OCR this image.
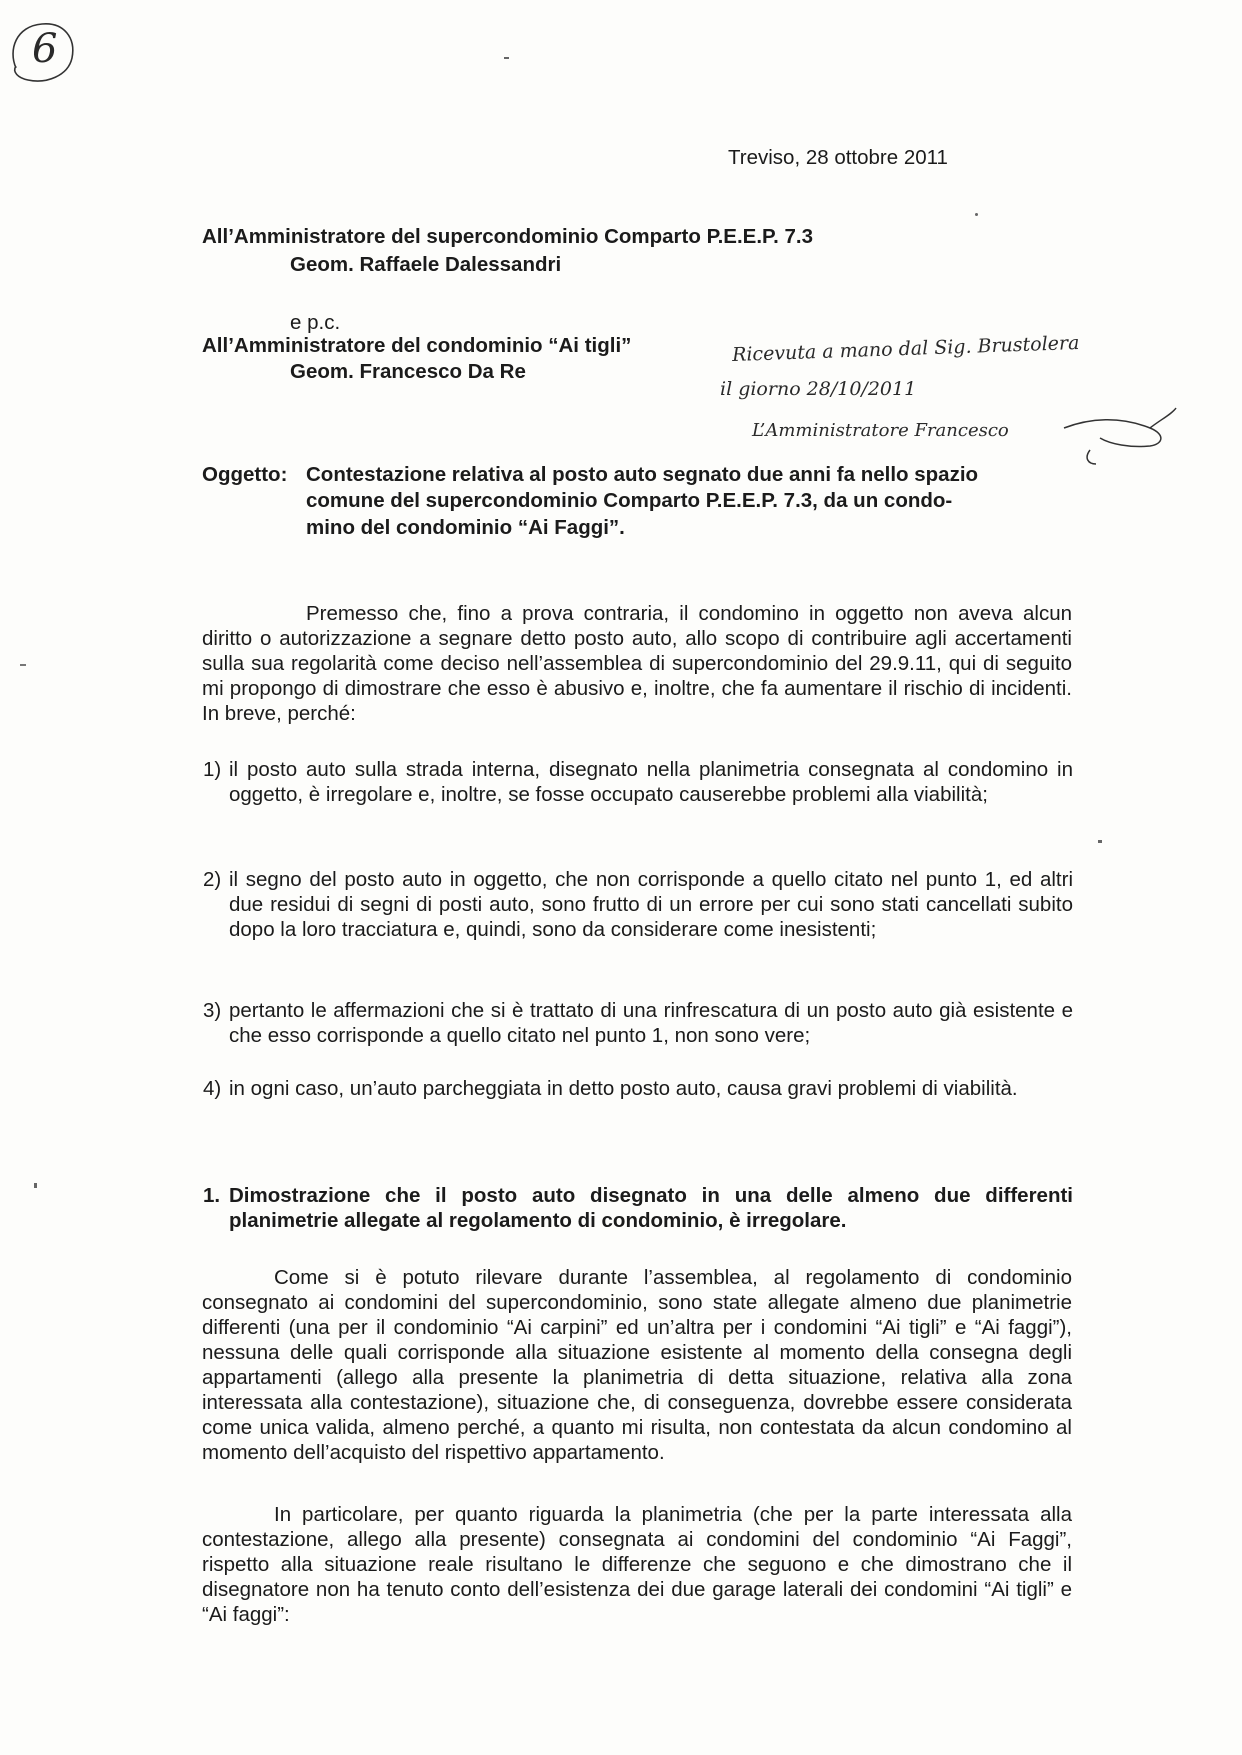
6
Treviso, 28 ottobre 2011
All’Amministratore del supercondominio Comparto P.E.E.P. 7.3
Geom. Raffaele Dalessandri
e p.c.
All’Amministratore del condominio “Ai tigli”
Geom. Francesco Da Re
Ricevuta a mano dal Sig. Brustolera
il giorno 28/10/2011
L’Amministratore Francesco
Oggetto: Contestazione relativa al posto auto segnato due anni fa nello spazio
comune del supercondominio Comparto P.E.E.P. 7.3, da un condo-
mino del condominio “Ai Faggi”.
Premesso che, fino a prova contraria, il condomino in oggetto non aveva alcun diritto o autorizzazione a segnare detto posto auto, allo scopo di contribuire agli accertamenti sulla sua regolarità come deciso nell’assemblea di supercondominio del 29.9.11, qui di seguito mi propongo di dimostrare che esso è abusivo e, inoltre, che fa aumentare il rischio di incidenti. In breve, perché:
1) il posto auto sulla strada interna, disegnato nella planimetria consegnata al condomino in oggetto, è irregolare e, inoltre, se fosse occupato causerebbe problemi alla viabilità;
2) il segno del posto auto in oggetto, che non corrisponde a quello citato nel punto 1, ed altri due residui di segni di posti auto, sono frutto di un errore per cui sono stati cancellati subito dopo la loro tracciatura e, quindi, sono da considerare come inesistenti;
3) pertanto le affermazioni che si è trattato di una rinfrescatura di un posto auto già esistente e che esso corrisponde a quello citato nel punto 1, non sono vere;
4) in ogni caso, un’auto parcheggiata in detto posto auto, causa gravi problemi di viabilità.
1. Dimostrazione che il posto auto disegnato in una delle almeno due differenti planimetrie allegate al regolamento di condominio, è irregolare.
Come si è potuto rilevare durante l’assemblea, al regolamento di condominio consegnato ai condomini del supercondominio, sono state allegate almeno due planimetrie differenti (una per il condominio “Ai carpini” ed un’altra per i condomini “Ai tigli” e “Ai faggi”), nessuna delle quali corrisponde alla situazione esistente al momento della consegna degli appartamenti (allego alla presente la planimetria di detta situazione, relativa alla zona interessata alla contestazione), situazione che, di conseguenza, dovrebbe essere considerata come unica valida, almeno perché, a quanto mi risulta, non contestata da alcun condomino al momento dell’acquisto del rispettivo appartamento.
In particolare, per quanto riguarda la planimetria (che per la parte interessata alla contestazione, allego alla presente) consegnata ai condomini del condominio “Ai Faggi”, rispetto alla situazione reale risultano le differenze che seguono e che dimostrano che il disegnatore non ha tenuto conto dell’esistenza dei due garage laterali dei condomini “Ai tigli” e “Ai faggi”:
